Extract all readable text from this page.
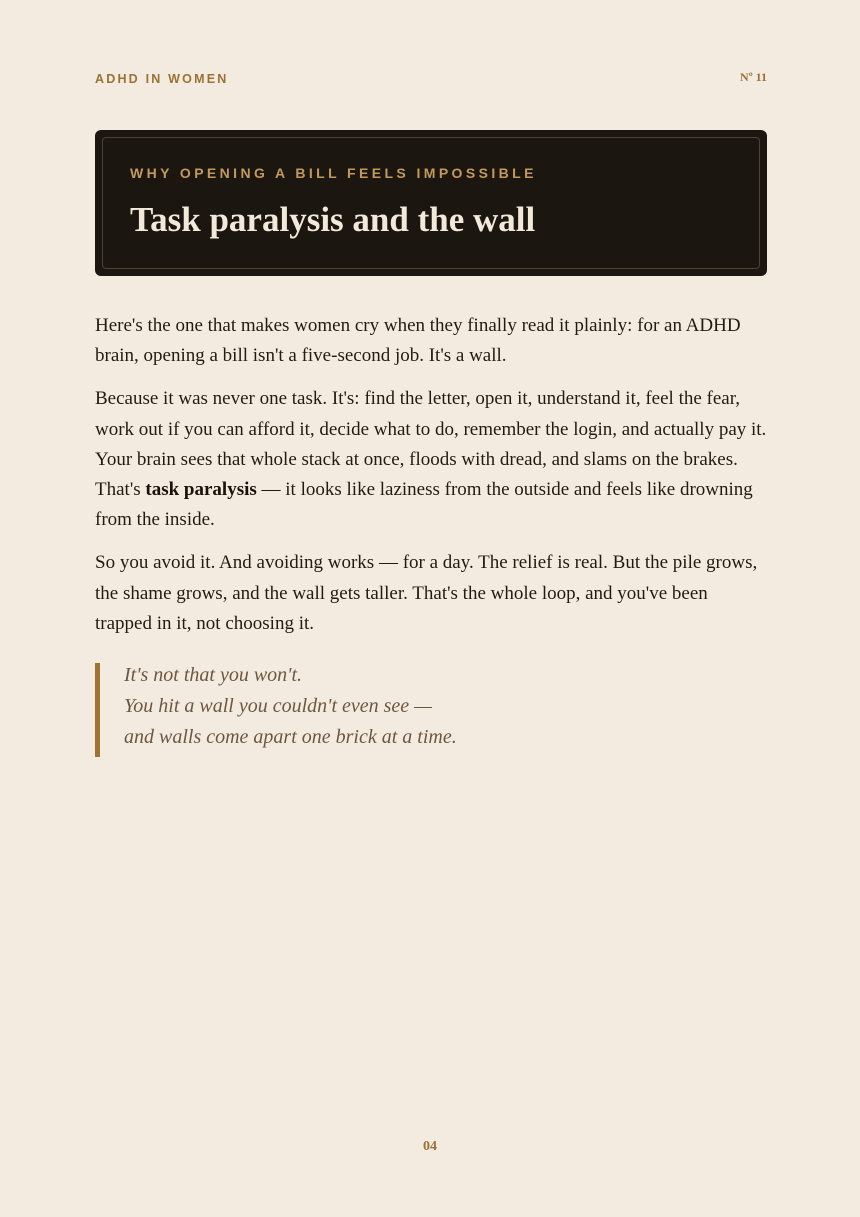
ADHD IN WOMEN	Nº 11
WHY OPENING A BILL FEELS IMPOSSIBLE
Task paralysis and the wall

Here's the one that makes women cry when they finally read it plainly: for an ADHD brain, opening a bill isn't a five-second job. It's a wall.

Because it was never one task. It's: find the letter, open it, understand it, feel the fear, work out if you can afford it, decide what to do, remember the login, and actually pay it. Your brain sees that whole stack at once, floods with dread, and slams on the brakes. That's task paralysis — it looks like laziness from the outside and feels like drowning from the inside.

So you avoid it. And avoiding works — for a day. The relief is real. But the pile grows, the shame grows, and the wall gets taller. That's the whole loop, and you've been trapped in it, not choosing it.

It's not that you won't.
You hit a wall you couldn't even see —
and walls come apart one brick at a time.
04
